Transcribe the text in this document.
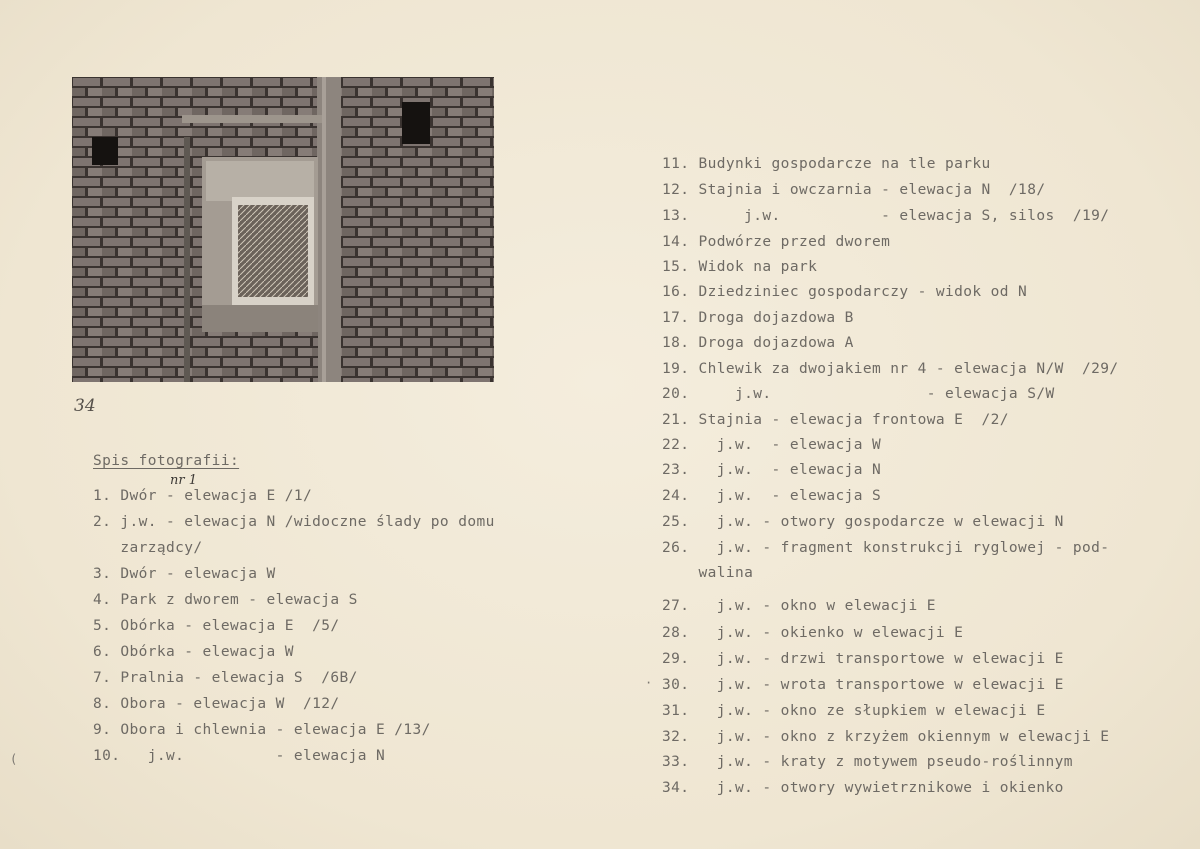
34
Spis fotografii:
nr 1
1. Dwór - elewacja E /1/
2. j.w. - elewacja N /widoczne ślady po domu
zarządcy/
3. Dwór - elewacja W
4. Park z dworem - elewacja S
5. Obórka - elewacja E  /5/
6. Obórka - elewacja W
7. Pralnia - elewacja S  /6B/
8. Obora - elewacja W  /12/
9. Obora i chlewnia - elewacja E /13/
10.   j.w.          - elewacja N
11. Budynki gospodarcze na tle parku
12. Stajnia i owczarnia - elewacja N  /18/
13.      j.w.           - elewacja S, silos  /19/
14. Podwórze przed dworem
15. Widok na park
16. Dziedziniec gospodarczy - widok od N
17. Droga dojazdowa B
18. Droga dojazdowa A
19. Chlewik za dwojakiem nr 4 - elewacja N/W  /29/
20.     j.w.                 - elewacja S/W
21. Stajnia - elewacja frontowa E  /2/
22.   j.w.  - elewacja W
23.   j.w.  - elewacja N
24.   j.w.  - elewacja S
25.   j.w. - otwory gospodarcze w elewacji N
26.   j.w. - fragment konstrukcji ryglowej - pod-
walina
27.   j.w. - okno w elewacji E
28.   j.w. - okienko w elewacji E
29.   j.w. - drzwi transportowe w elewacji E
30.   j.w. - wrota transportowe w elewacji E
31.   j.w. - okno ze słupkiem w elewacji E
32.   j.w. - okno z krzyżem okiennym w elewacji E
33.   j.w. - kraty z motywem pseudo-roślinnym
34.   j.w. - otwory wywietrznikowe i okienko
(
·
